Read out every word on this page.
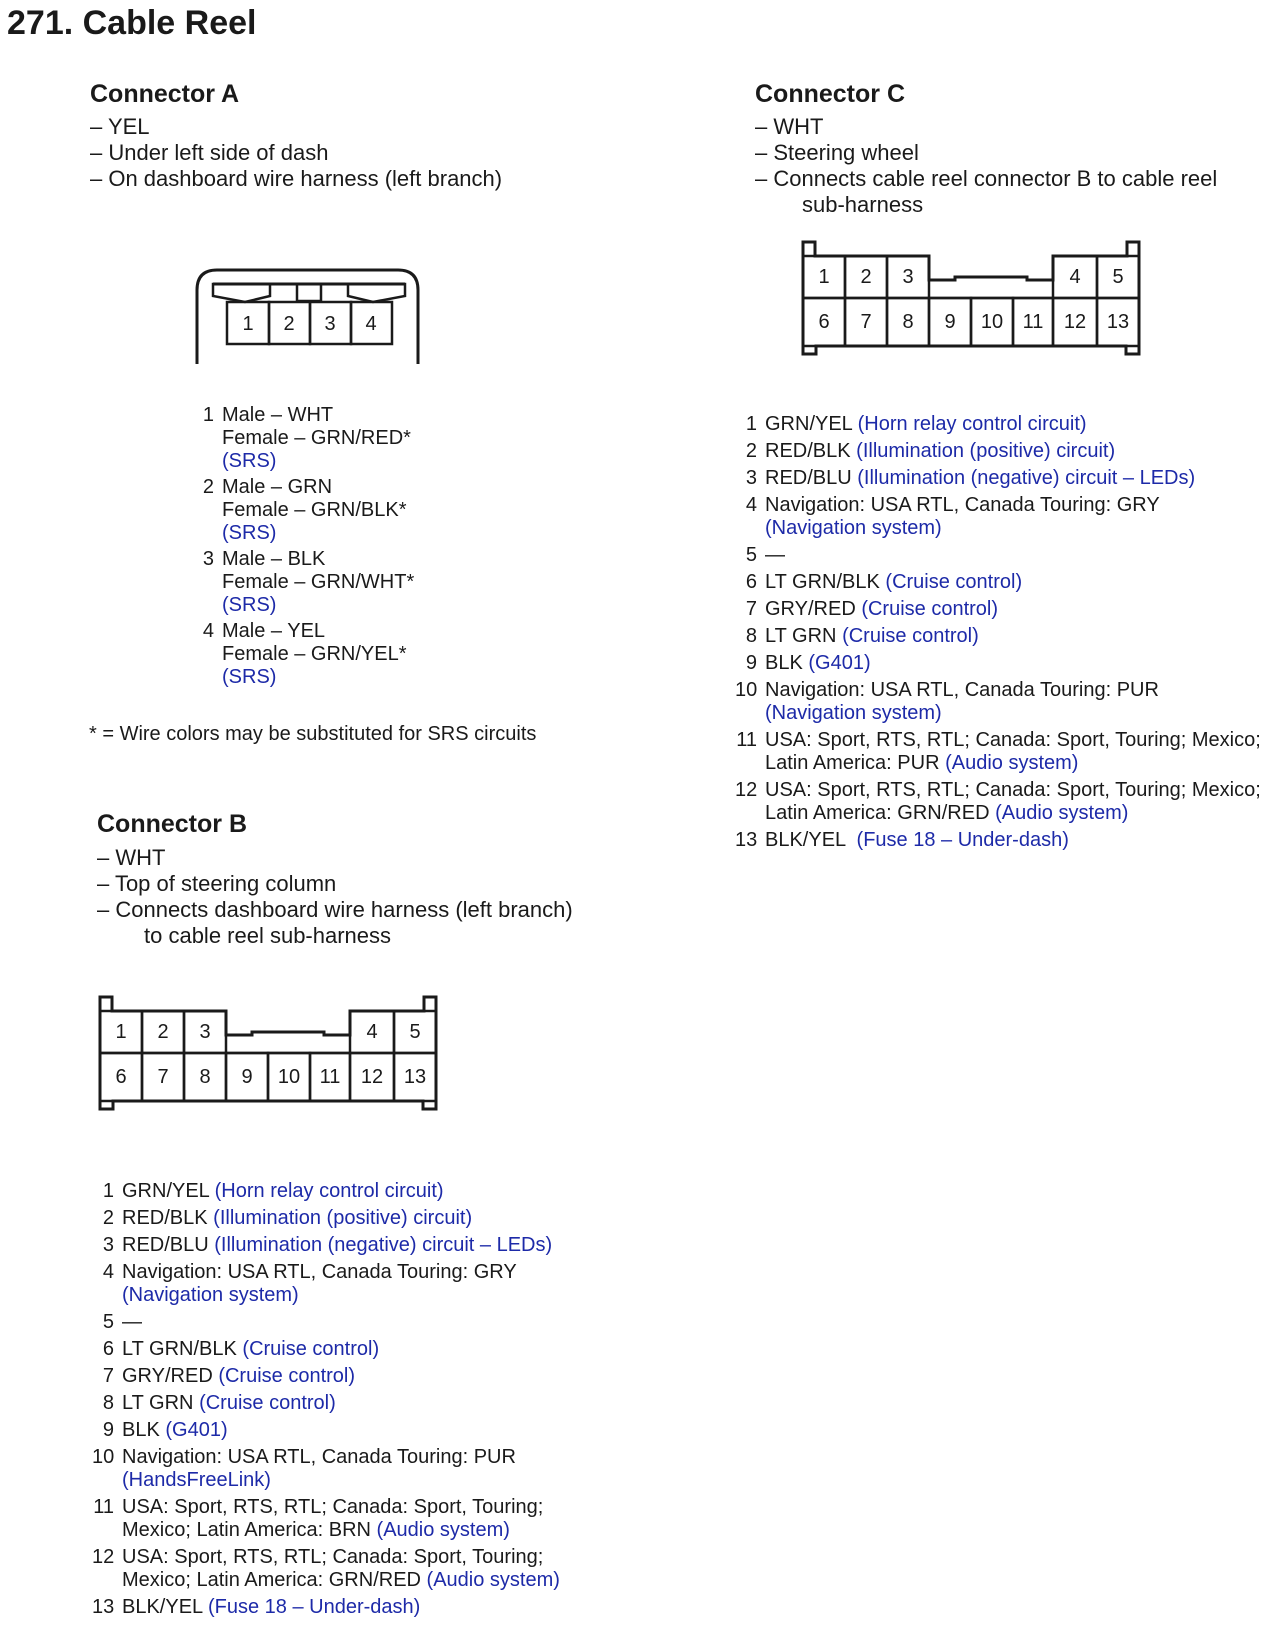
271. Cable Reel
Connector A
– YEL
– Under left side of dash
– On dashboard wire harness (left branch)
1 2 3 4
1 Male – WHT
Female – GRN/RED*
(SRS)
2 Male – GRN
Female – GRN/BLK*
(SRS)
3 Male – BLK
Female – GRN/WHT*
(SRS)
4 Male – YEL
Female – GRN/YEL*
(SRS)
* = Wire colors may be substituted for SRS circuits
Connector B
– WHT
– Top of steering column
– Connects dashboard wire harness (left branch)
to cable reel sub-harness
1 2 3	4 5
6 7 8 9 10 11 12 13
1 GRN/YEL (Horn relay control circuit)
2 RED/BLK (Illumination (positive) circuit)
3 RED/BLU (Illumination (negative) circuit – LEDs)
4 Navigation: USA RTL, Canada Touring: GRY
(Navigation system)
5 —
6 LT GRN/BLK (Cruise control)
7 GRY/RED (Cruise control)
8 LT GRN (Cruise control)
9 BLK (G401)
10 Navigation: USA RTL, Canada Touring: PUR
(HandsFreeLink)
11 USA: Sport, RTS, RTL; Canada: Sport, Touring;
Mexico; Latin America: BRN (Audio system)
12 USA: Sport, RTS, RTL; Canada: Sport, Touring;
Mexico; Latin America: GRN/RED (Audio system)
13 BLK/YEL (Fuse 18 – Under-dash)
Connector C
– WHT
– Steering wheel
– Connects cable reel connector B to cable reel
sub-harness
1 2 3	4 5
6 7 8 9 10 11 12 13
1 GRN/YEL (Horn relay control circuit)
2 RED/BLK (Illumination (positive) circuit)
3 RED/BLU (Illumination (negative) circuit – LEDs)
4 Navigation: USA RTL, Canada Touring: GRY
(Navigation system)
5 —
6 LT GRN/BLK (Cruise control)
7 GRY/RED (Cruise control)
8 LT GRN (Cruise control)
9 BLK (G401)
10 Navigation: USA RTL, Canada Touring: PUR
(Navigation system)
11 USA: Sport, RTS, RTL; Canada: Sport, Touring; Mexico;
Latin America: PUR (Audio system)
12 USA: Sport, RTS, RTL; Canada: Sport, Touring; Mexico;
Latin America: GRN/RED (Audio system)
13 BLK/YEL  (Fuse 18 – Under-dash)
